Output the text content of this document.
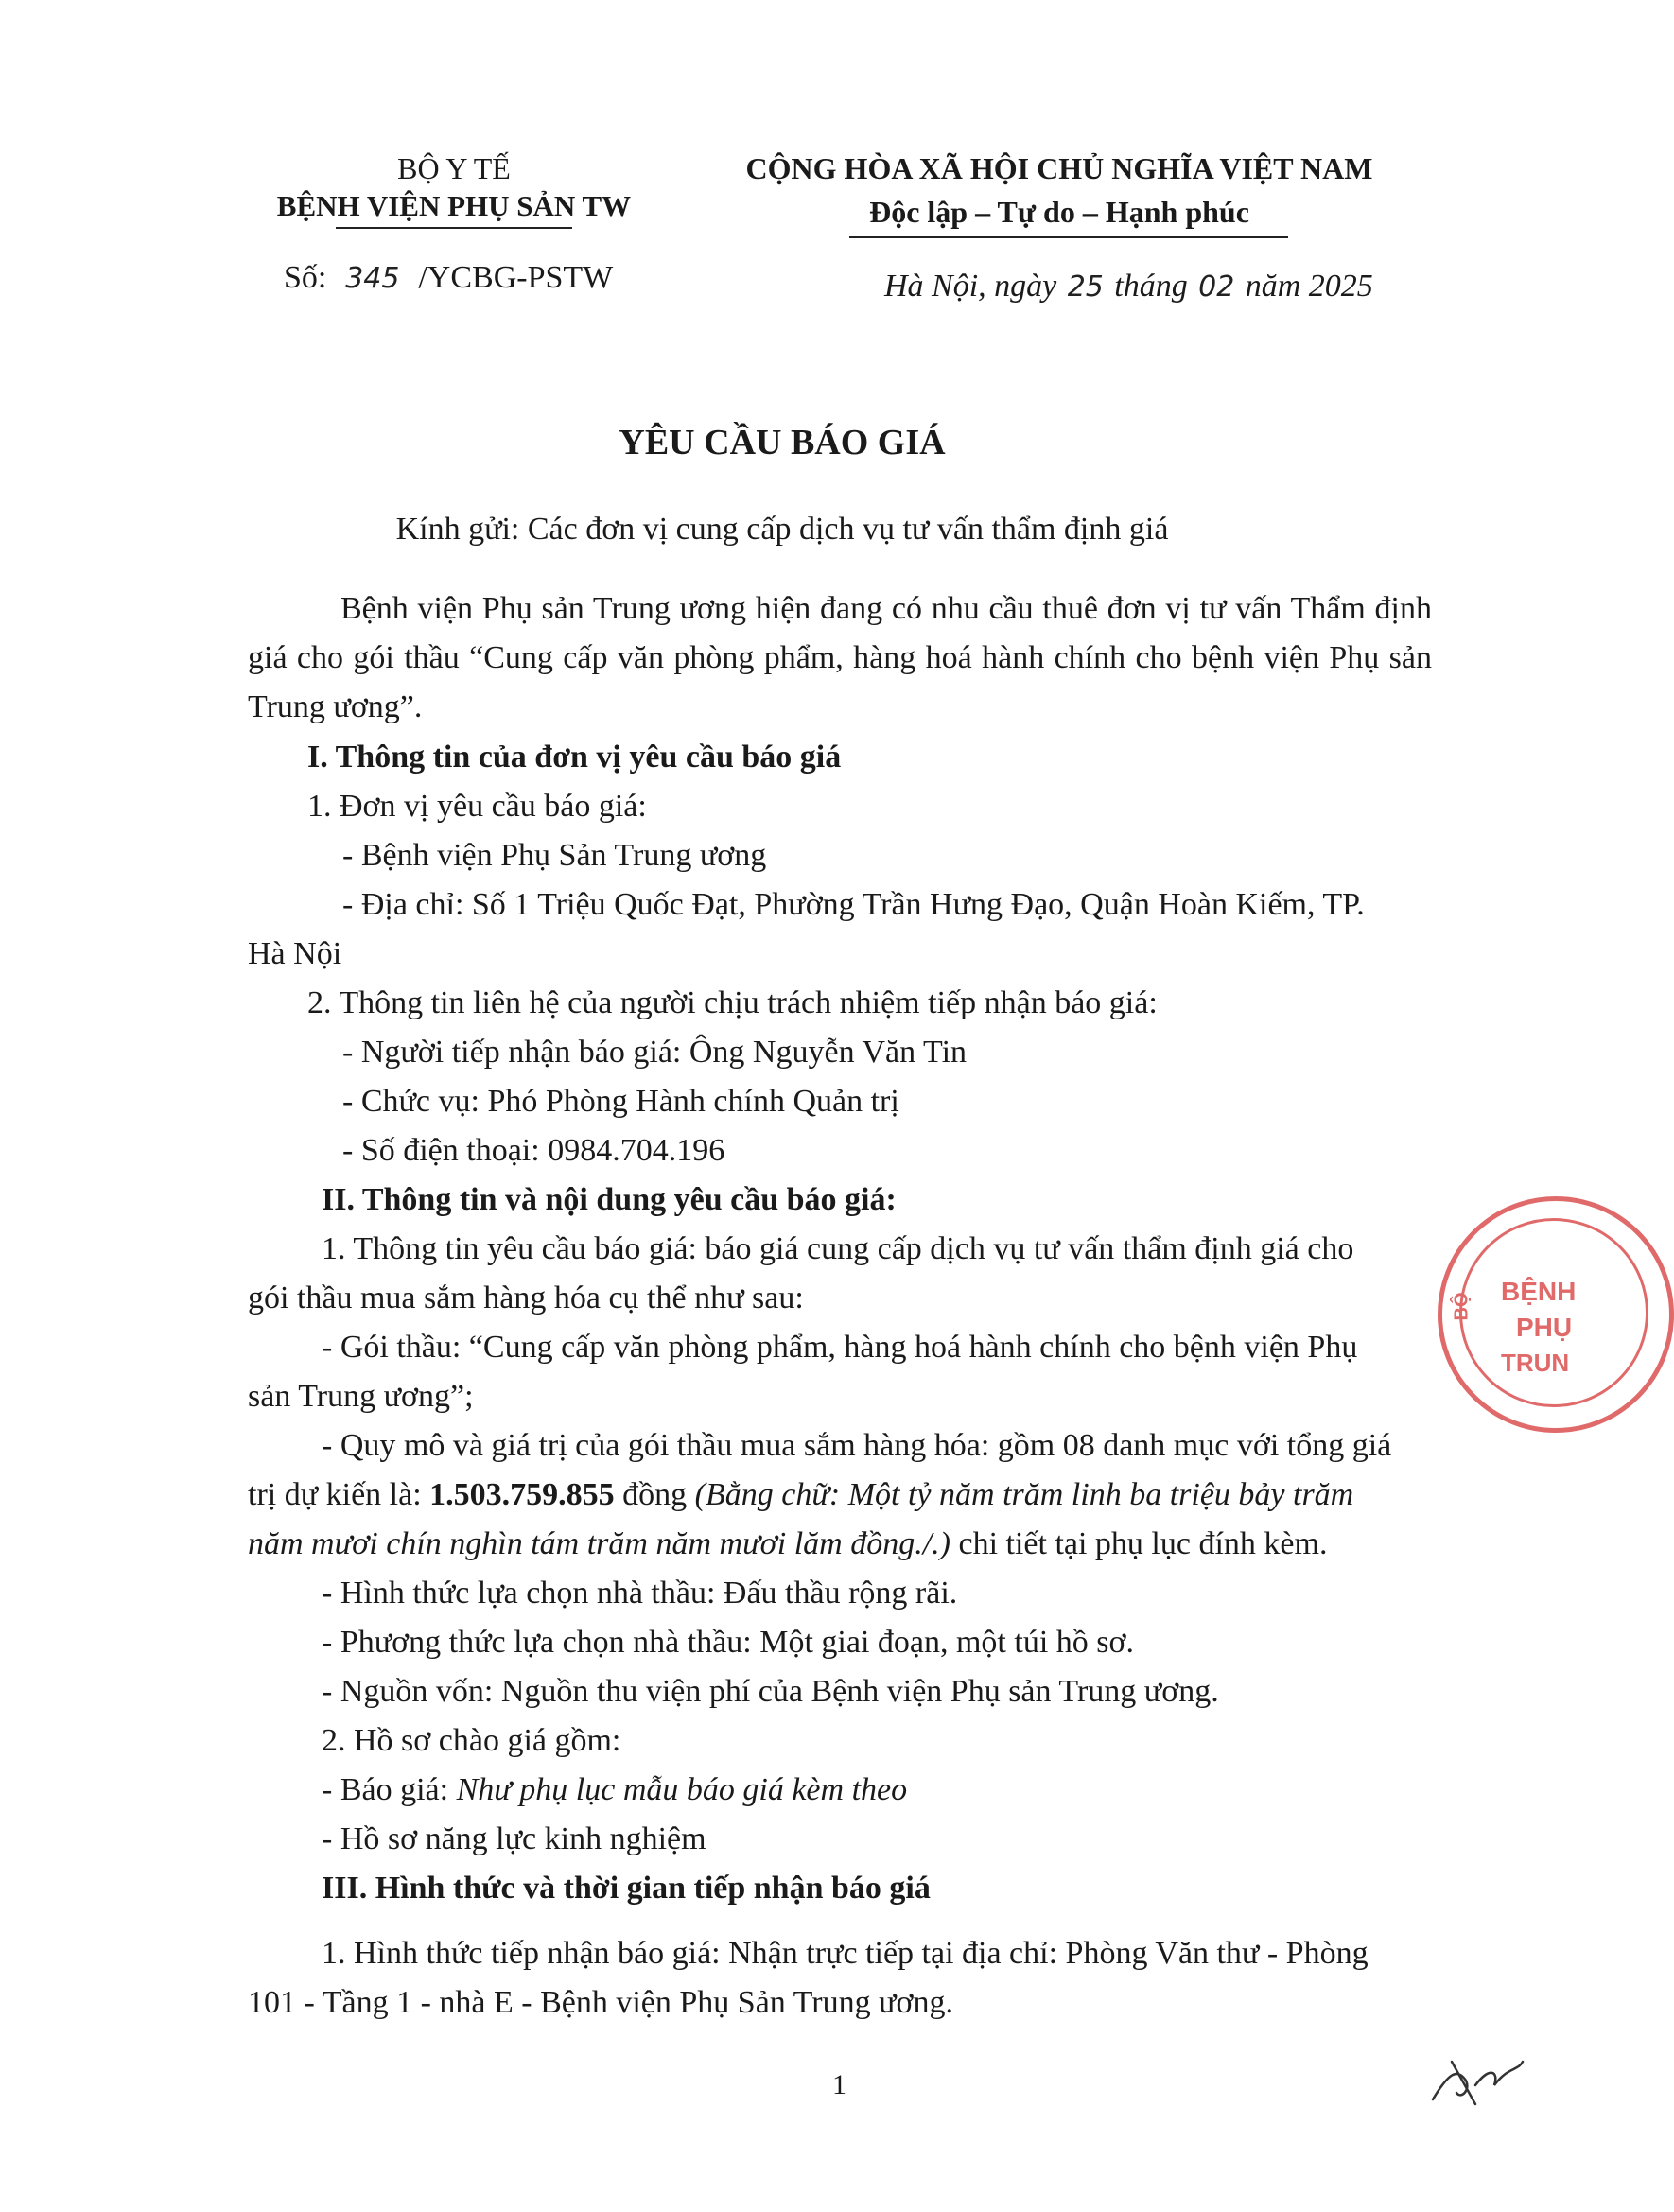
BỘ Y TẾ
BỆNH VIỆN PHỤ SẢN TW
Số: 345 /YCBG-PSTW
CỘNG HÒA XÃ HỘI CHỦ NGHĨA VIỆT NAM
Độc lập – Tự do – Hạnh phúc
Hà Nội, ngày 25 tháng 02 năm 2025
YÊU CẦU BÁO GIÁ
Kính gửi: Các đơn vị cung cấp dịch vụ tư vấn thẩm định giá
Bệnh viện Phụ sản Trung ương hiện đang có nhu cầu thuê đơn vị tư vấn Thẩm định giá cho gói thầu “Cung cấp văn phòng phẩm, hàng hoá hành chính cho bệnh viện Phụ sản Trung ương”.
I. Thông tin của đơn vị yêu cầu báo giá
1. Đơn vị yêu cầu báo giá:
- Bệnh viện Phụ Sản Trung ương
- Địa chỉ: Số 1 Triệu Quốc Đạt, Phường Trần Hưng Đạo, Quận Hoàn Kiếm, TP.
Hà Nội
2. Thông tin liên hệ của người chịu trách nhiệm tiếp nhận báo giá:
- Người tiếp nhận báo giá: Ông Nguyễn Văn Tin
- Chức vụ: Phó Phòng Hành chính Quản trị
- Số điện thoại: 0984.704.196
II. Thông tin và nội dung yêu cầu báo giá:
1. Thông tin yêu cầu báo giá: báo giá cung cấp dịch vụ tư vấn thẩm định giá cho
gói thầu mua sắm hàng hóa cụ thể như sau:
- Gói thầu: “Cung cấp văn phòng phẩm, hàng hoá hành chính cho bệnh viện Phụ
sản Trung ương”;
- Quy mô và giá trị của gói thầu mua sắm hàng hóa: gồm 08 danh mục với tổng giá
trị dự kiến là: 1.503.759.855 đồng (Bằng chữ: Một tỷ năm trăm linh ba triệu bảy trăm
năm mươi chín nghìn tám trăm năm mươi lăm đồng./.) chi tiết tại phụ lục đính kèm.
- Hình thức lựa chọn nhà thầu: Đấu thầu rộng rãi.
- Phương thức lựa chọn nhà thầu: Một giai đoạn, một túi hồ sơ.
- Nguồn vốn: Nguồn thu viện phí của Bệnh viện Phụ sản Trung ương.
2. Hồ sơ chào giá gồm:
- Báo giá: Như phụ lục mẫu báo giá kèm theo
- Hồ sơ năng lực kinh nghiệm
III. Hình thức và thời gian tiếp nhận báo giá
1. Hình thức tiếp nhận báo giá: Nhận trực tiếp tại địa chỉ: Phòng Văn thư - Phòng
101 - Tầng 1 - nhà E - Bệnh viện Phụ Sản Trung ương.
1
BỆNH
PHỤ
TRUN
BỘ
